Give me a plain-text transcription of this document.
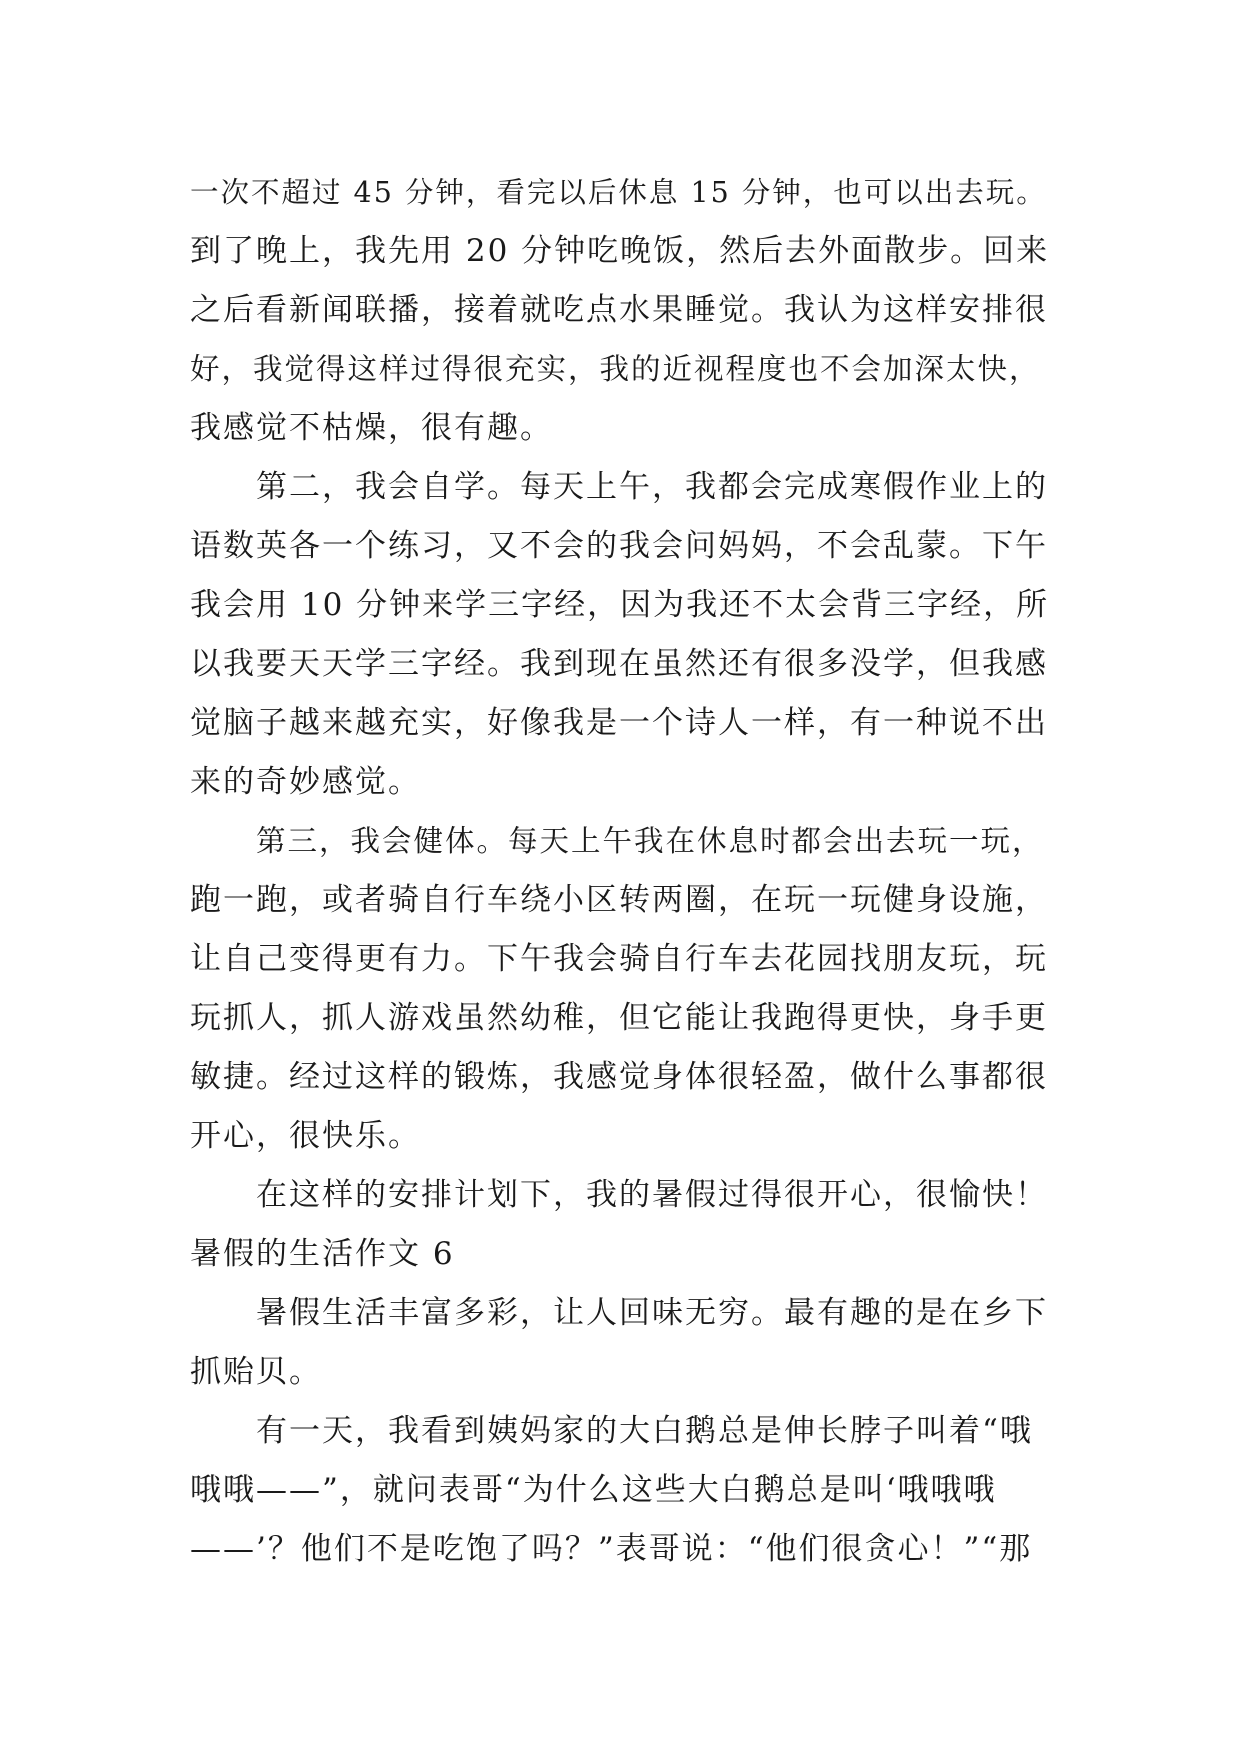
一次不超过 45 分钟，看完以后休息 15 分钟，也可以出去玩。
到了晚上，我先用 20 分钟吃晚饭，然后去外面散步。回来
之后看新闻联播，接着就吃点水果睡觉。我认为这样安排很
好，我觉得这样过得很充实，我的近视程度也不会加深太快，
我感觉不枯燥，很有趣。
第二，我会自学。每天上午，我都会完成寒假作业上的
语数英各一个练习，又不会的我会问妈妈，不会乱蒙。下午
我会用 10 分钟来学三字经，因为我还不太会背三字经，所
以我要天天学三字经。我到现在虽然还有很多没学，但我感
觉脑子越来越充实，好像我是一个诗人一样，有一种说不出
来的奇妙感觉。
第三，我会健体。每天上午我在休息时都会出去玩一玩，
跑一跑，或者骑自行车绕小区转两圈，在玩一玩健身设施，
让自己变得更有力。下午我会骑自行车去花园找朋友玩，玩
玩抓人，抓人游戏虽然幼稚，但它能让我跑得更快，身手更
敏捷。经过这样的锻炼，我感觉身体很轻盈，做什么事都很
开心，很快乐。
在这样的安排计划下，我的暑假过得很开心，很愉快！
暑假的生活作文 6
暑假生活丰富多彩，让人回味无穷。最有趣的是在乡下
抓贻贝。
有一天，我看到姨妈家的大白鹅总是伸长脖子叫着“哦
哦哦——”，就问表哥“为什么这些大白鹅总是叫‘哦哦哦
——’？他们不是吃饱了吗？”表哥说：“他们很贪心！”“那
